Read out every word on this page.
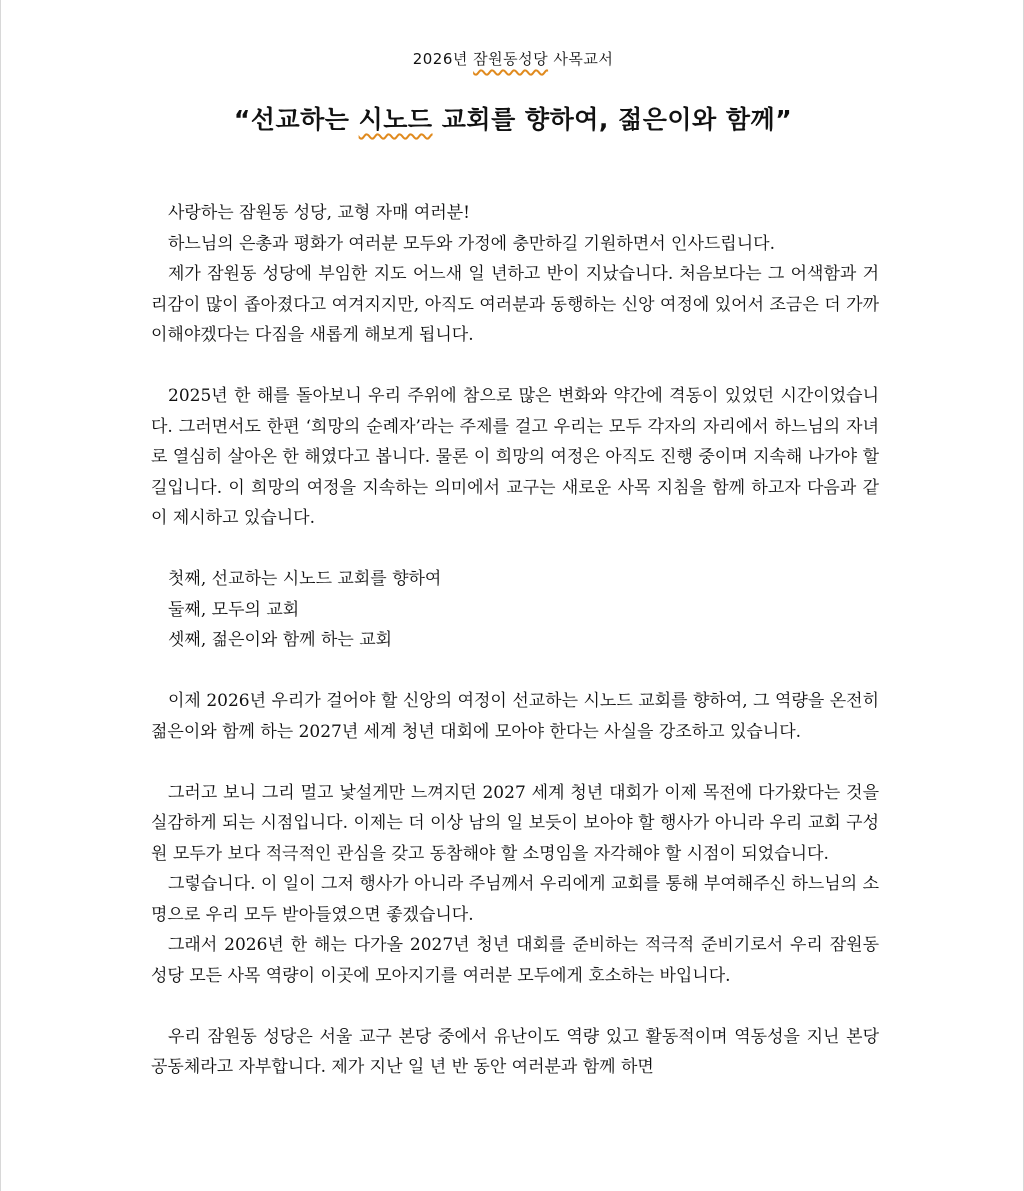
2026년 잠원동성당 사목교서
“선교하는 시노드 교회를 향하여, 젊은이와 함께”

사랑하는 잠원동 성당, 교형 자매 여러분!

하느님의 은총과 평화가 여러분 모두와 가정에 충만하길 기원하면서 인사드립니다.

제가 잠원동 성당에 부임한 지도 어느새 일 년하고 반이 지났습니다. 처음보다는 그 어색함과 거리감이 많이 좁아졌다고 여겨지지만, 아직도 여러분과 동행하는 신앙 여정에 있어서 조금은 더 가까이해야겠다는 다짐을 새롭게 해보게 됩니다.

2025년 한 해를 돌아보니 우리 주위에 참으로 많은 변화와 약간에 격동이 있었던 시간이었습니다. 그러면서도 한편 ‘희망의 순례자’라는 주제를 걸고 우리는 모두 각자의 자리에서 하느님의 자녀로 열심히 살아온 한 해였다고 봅니다. 물론 이 희망의 여정은 아직도 진행 중이며 지속해 나가야 할 길입니다. 이 희망의 여정을 지속하는 의미에서 교구는 새로운 사목 지침을 함께 하고자 다음과 같이 제시하고 있습니다.

첫째, 선교하는 시노드 교회를 향하여

둘째, 모두의 교회

셋째, 젊은이와 함께 하는 교회

이제 2026년 우리가 걸어야 할 신앙의 여정이 선교하는 시노드 교회를 향하여, 그 역량을 온전히 젊은이와 함께 하는 2027년 세계 청년 대회에 모아야 한다는 사실을 강조하고 있습니다.

그러고 보니 그리 멀고 낯설게만 느껴지던 2027 세계 청년 대회가 이제 목전에 다가왔다는 것을 실감하게 되는 시점입니다. 이제는 더 이상 남의 일 보듯이 보아야 할 행사가 아니라 우리 교회 구성원 모두가 보다 적극적인 관심을 갖고 동참해야 할 소명임을 자각해야 할 시점이 되었습니다.

그렇습니다. 이 일이 그저 행사가 아니라 주님께서 우리에게 교회를 통해 부여해주신 하느님의 소명으로 우리 모두 받아들였으면 좋겠습니다.

그래서 2026년 한 해는 다가올 2027년 청년 대회를 준비하는 적극적 준비기로서 우리 잠원동 성당 모든 사목 역량이 이곳에 모아지기를 여러분 모두에게 호소하는 바입니다.

우리 잠원동 성당은 서울 교구 본당 중에서 유난이도 역량 있고 활동적이며 역동성을 지닌 본당 공동체라고 자부합니다. 제가 지난 일 년 반 동안 여러분과 함께 하면
